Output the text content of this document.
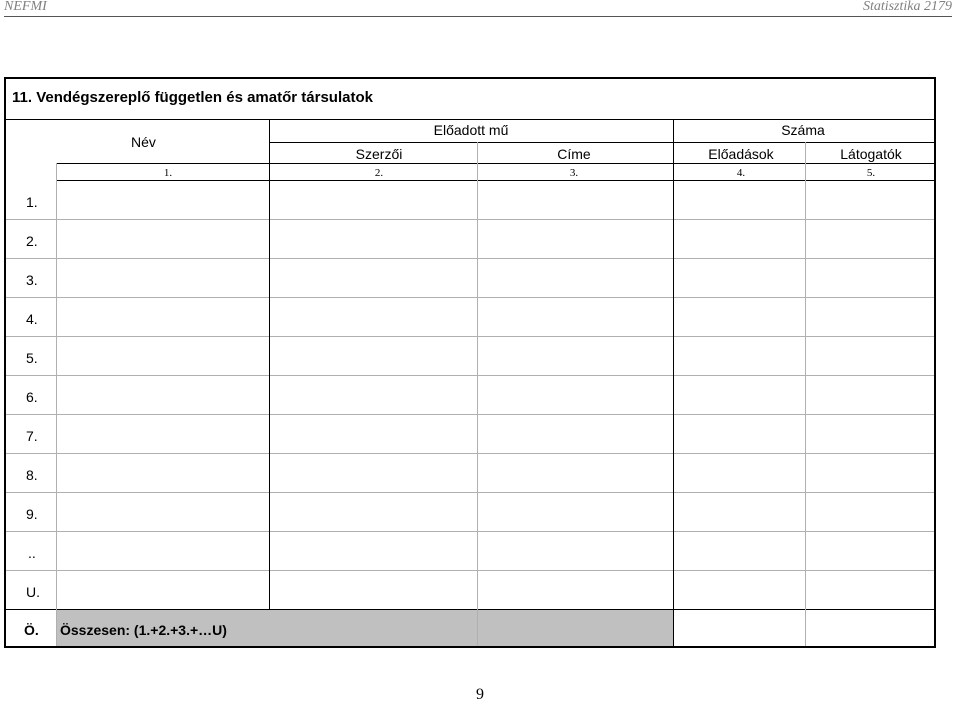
NEFMI	Statisztika 2179
11. Vendégszereplő független és amatőr társulatok
Név
Előadott mű	Száma
Szerzői	Címe	Előadások	Látogatók
1.	2.	3.	4.	5.
1.
2.
3.
4.
5.
6.
7.
8.
9.
..
U.
Ö. Összesen: (1.+2.+3.+…U)
9
